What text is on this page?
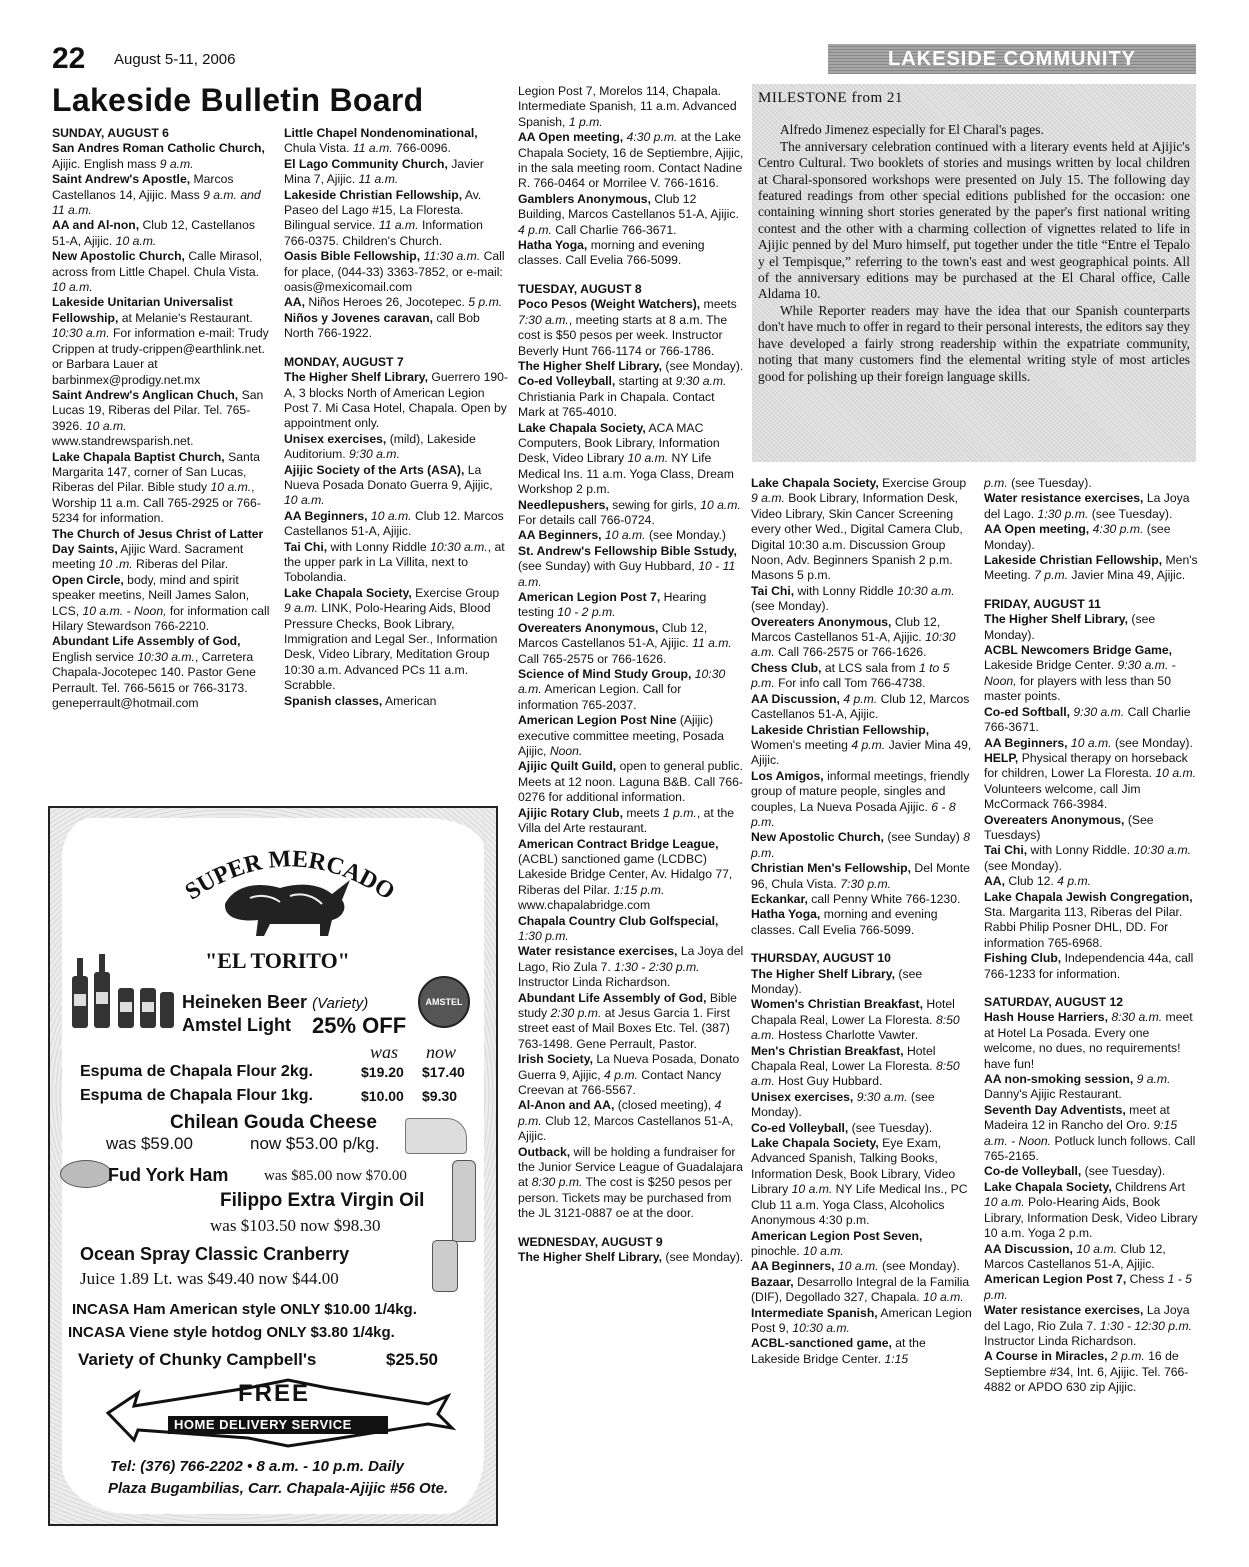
22 August 5-11, 2006	LAKESIDE COMMUNITY
Lakeside Bulletin Board

SUNDAY, AUGUST 6

San Andres Roman Catholic Church, Ajijic. English mass 9 a.m.

Saint Andrew's Apostle, Marcos Castellanos 14, Ajijic. Mass 9 a.m. and 11 a.m.

AA and Al-non, Club 12, Castellanos 51-A, Ajijic. 10 a.m.

New Apostolic Church, Calle Mirasol, across from Little Chapel. Chula Vista. 10 a.m.

Lakeside Unitarian Universalist Fellowship, at Melanie's Restaurant. 10:30 a.m. For information e-mail: Trudy Crippen at trudy-crippen@earthlink.net. or Barbara Lauer at barbinmex@prodigy.net.mx

Saint Andrew's Anglican Chuch, San Lucas 19, Riberas del Pilar. Tel. 765-3926. 10 a.m. www.standrewsparish.net.

Lake Chapala Baptist Church, Santa Margarita 147, corner of San Lucas, Riberas del Pilar. Bible study 10 a.m., Worship 11 a.m. Call 765-2925 or 766-5234 for information.

The Church of Jesus Christ of Latter Day Saints, Ajijic Ward. Sacrament meeting 10 .m. Riberas del Pilar.

Open Circle, body, mind and spirit speaker meetins, Neill James Salon, LCS, 10 a.m. - Noon, for information call Hilary Stewardson 766-2210.

Abundant Life Assembly of God, English service 10:30 a.m., Carretera Chapala-Jocotepec 140. Pastor Gene Perrault. Tel. 766-5615 or 766-3173. geneperrault@hotmail.com

Little Chapel Nondenominational, Chula Vista. 11 a.m. 766-0096.

El Lago Community Church, Javier Mina 7, Ajijic. 11 a.m.

Lakeside Christian Fellowship, Av. Paseo del Lago #15, La Floresta. Bilingual service. 11 a.m. Information 766-0375. Children's Church.

Oasis Bible Fellowship, 11:30 a.m. Call for place, (044-33) 3363-7852, or e-mail: oasis@mexicomail.com

AA, Niños Heroes 26, Jocotepec. 5 p.m.

Niños y Jovenes caravan, call Bob North 766-1922.

MONDAY, AUGUST 7

The Higher Shelf Library, Guerrero 190-A, 3 blocks North of American Legion Post 7. Mi Casa Hotel, Chapala. Open by appointment only.

Unisex exercises, (mild), Lakeside Auditorium. 9:30 a.m.

Ajijic Society of the Arts (ASA), La Nueva Posada Donato Guerra 9, Ajijic, 10 a.m.

AA Beginners, 10 a.m. Club 12. Marcos Castellanos 51-A, Ajijic.

Tai Chi, with Lonny Riddle 10:30 a.m., at the upper park in La Villita, next to Tobolandia.

Lake Chapala Society, Exercise Group 9 a.m. LINK, Polo-Hearing Aids, Blood Pressure Checks, Book Library, Immigration and Legal Ser., Information Desk, Video Library, Meditation Group 10:30 a.m. Advanced PCs 11 a.m. Scrabble.

Spanish classes, American

Legion Post 7, Morelos 114, Chapala. Intermediate Spanish, 11 a.m. Advanced Spanish, 1 p.m.

AA Open meeting, 4:30 p.m. at the Lake Chapala Society, 16 de Septiembre, Ajijic, in the sala meeting room. Contact Nadine R. 766-0464 or Morrilee V. 766-1616.

Gamblers Anonymous, Club 12 Building, Marcos Castellanos 51-A, Ajijic. 4 p.m. Call Charlie 766-3671.

Hatha Yoga, morning and evening classes. Call Evelia 766-5099.

TUESDAY, AUGUST 8

Poco Pesos (Weight Watchers), meets 7:30 a.m., meeting starts at 8 a.m. The cost is $50 pesos per week. Instructor Beverly Hunt 766-1174 or 766-1786.

The Higher Shelf Library, (see Monday).

Co-ed Volleyball, starting at 9:30 a.m. Christiania Park in Chapala. Contact Mark at 765-4010.

Lake Chapala Society, ACA MAC Computers, Book Library, Information Desk, Video Library 10 a.m. NY Life Medical Ins. 11 a.m. Yoga Class, Dream Workshop 2 p.m.

Needlepushers, sewing for girls, 10 a.m. For details call 766-0724.

AA Beginners, 10 a.m. (see Monday.)

St. Andrew's Fellowship Bible Sstudy, (see Sunday) with Guy Hubbard, 10 - 11 a.m.

American Legion Post 7, Hearing testing 10 - 2 p.m.

Overeaters Anonymous, Club 12, Marcos Castellanos 51-A, Ajijic. 11 a.m. Call 765-2575 or 766-1626.

Science of Mind Study Group, 10:30 a.m. American Legion. Call for information 765-2037.

American Legion Post Nine (Ajijic) executive committee meeting, Posada Ajijic, Noon.

Ajijic Quilt Guild, open to general public. Meets at 12 noon. Laguna B&B. Call 766-0276 for additional information.

Ajijic Rotary Club, meets 1 p.m., at the Villa del Arte restaurant.

American Contract Bridge League, (ACBL) sanctioned game (LCDBC) Lakeside Bridge Center, Av. Hidalgo 77, Riberas del Pilar. 1:15 p.m. www.chapalabridge.com

Chapala Country Club Golfspecial, 1:30 p.m.

Water resistance exercises, La Joya del Lago, Rio Zula 7. 1:30 - 2:30 p.m. Instructor Linda Richardson.

Abundant Life Assembly of God, Bible study 2:30 p.m. at Jesus Garcia 1. First street east of Mail Boxes Etc. Tel. (387) 763-1498. Gene Perrault, Pastor.

Irish Society, La Nueva Posada, Donato Guerra 9, Ajijic, 4 p.m. Contact Nancy Creevan at 766-5567.

Al-Anon and AA, (closed meeting), 4 p.m. Club 12, Marcos Castellanos 51-A, Ajijic.

Outback, will be holding a fundraiser for the Junior Service League of Guadalajara at 8:30 p.m. The cost is $250 pesos per person. Tickets may be purchased from the JL 3121-0887 oe at the door.

WEDNESDAY, AUGUST 9

The Higher Shelf Library, (see Monday).

MILESTONE from 21

Alfredo Jimenez especially for El Charal's pages.

The anniversary celebration continued with a literary events held at Ajijic's Centro Cultural. Two booklets of stories and musings written by local children at Charal-sponsored workshops were presented on July 15. The following day featured readings from other special editions published for the occasion: one containing winning short stories generated by the paper's first national writing contest and the other with a charming collection of vignettes related to life in Ajijic penned by del Muro himself, put together under the title “Entre el Tepalo y el Tempisque,” referring to the town's east and west geographical points. All of the anniversary editions may be purchased at the El Charal office, Calle Aldama 10.

While Reporter readers may have the idea that our Spanish counterparts don't have much to offer in regard to their personal interests, the editors say they have developed a fairly strong readership within the expatriate community, noting that many customers find the elemental writing style of most articles good for polishing up their foreign language skills.

Lake Chapala Society, Exercise Group 9 a.m. Book Library, Information Desk, Video Library, Skin Cancer Screening every other Wed., Digital Camera Club, Digital 10:30 a.m. Discussion Group Noon, Adv. Beginners Spanish 2 p.m. Masons 5 p.m.

Tai Chi, with Lonny Riddle 10:30 a.m. (see Monday).

Overeaters Anonymous, Club 12, Marcos Castellanos 51-A, Ajijic. 10:30 a.m. Call 766-2575 or 766-1626.

Chess Club, at LCS sala from 1 to 5 p.m. For info call Tom 766-4738.

AA Discussion, 4 p.m. Club 12, Marcos Castellanos 51-A, Ajijic.

Lakeside Christian Fellowship, Women's meeting 4 p.m. Javier Mina 49, Ajijic.

Los Amigos, informal meetings, friendly group of mature people, singles and couples, La Nueva Posada Ajijic. 6 - 8 p.m.

New Apostolic Church, (see Sunday) 8 p.m.

Christian Men's Fellowship, Del Monte 96, Chula Vista. 7:30 p.m.

Eckankar, call Penny White 766-1230.

Hatha Yoga, morning and evening classes. Call Evelia 766-5099.

THURSDAY, AUGUST 10

The Higher Shelf Library, (see Monday).

Women's Christian Breakfast, Hotel Chapala Real, Lower La Floresta. 8:50 a.m. Hostess Charlotte Vawter.

Men's Christian Breakfast, Hotel Chapala Real, Lower La Floresta. 8:50 a.m. Host Guy Hubbard.

Unisex exercises, 9:30 a.m. (see Monday).

Co-ed Volleyball, (see Tuesday).

Lake Chapala Society, Eye Exam, Advanced Spanish, Talking Books, Information Desk, Book Library, Video Library 10 a.m. NY Life Medical Ins., PC Club 11 a.m. Yoga Class, Alcoholics Anonymous 4:30 p.m.

American Legion Post Seven, pinochle. 10 a.m.

AA Beginners, 10 a.m. (see Monday).

Bazaar, Desarrollo Integral de la Familia (DIF), Degollado 327, Chapala. 10 a.m.

Intermediate Spanish, American Legion Post 9, 10:30 a.m.

ACBL-sanctioned game, at the Lakeside Bridge Center. 1:15

p.m. (see Tuesday).

Water resistance exercises, La Joya del Lago. 1:30 p.m. (see Tuesday).

AA Open meeting, 4:30 p.m. (see Monday).

Lakeside Christian Fellowship, Men's Meeting. 7 p.m. Javier Mina 49, Ajijic.

FRIDAY, AUGUST 11

The Higher Shelf Library, (see Monday).

ACBL Newcomers Bridge Game, Lakeside Bridge Center. 9:30 a.m. - Noon, for players with less than 50 master points.

Co-ed Softball, 9:30 a.m. Call Charlie 766-3671.

AA Beginners, 10 a.m. (see Monday).

HELP, Physical therapy on horseback for children, Lower La Floresta. 10 a.m. Volunteers welcome, call Jim McCormack 766-3984.

Overeaters Anonymous, (See Tuesdays)

Tai Chi, with Lonny Riddle. 10:30 a.m. (see Monday).

AA, Club 12. 4 p.m.

Lake Chapala Jewish Congregation, Sta. Margarita 113, Riberas del Pilar. Rabbi Philip Posner DHL, DD. For information 765-6968.

Fishing Club, Independencia 44a, call 766-1233 for information.

SATURDAY, AUGUST 12

Hash House Harriers, 8:30 a.m. meet at Hotel La Posada. Every one welcome, no dues, no requirements! have fun!

AA non-smoking session, 9 a.m. Danny's Ajijic Restaurant.

Seventh Day Adventists, meet at Madeira 12 in Rancho del Oro. 9:15 a.m. - Noon. Potluck lunch follows. Call 765-2165.

Co-de Volleyball, (see Tuesday).

Lake Chapala Society, Childrens Art 10 a.m. Polo-Hearing Aids, Book Library, Information Desk, Video Library 10 a.m. Yoga 2 p.m.

AA Discussion, 10 a.m. Club 12, Marcos Castellanos 51-A, Ajijic.

American Legion Post 7, Chess 1 - 5 p.m.

Water resistance exercises, La Joya del Lago, Rio Zula 7. 1:30 - 12:30 p.m. Instructor Linda Richardson.

A Course in Miracles, 2 p.m. 16 de Septiembre #34, Int. 6, Ajijic. Tel. 766-4882 or APDO 630 zip Ajijic.

SUPER MERCADO
"EL TORITO"
AMSTEL
Heineken Beer (Variety)
Amstel Light 25% OFF
was now
Espuma de Chapala Flour 2kg.	$19.20 $17.40
Espuma de Chapala Flour 1kg.	$10.00 $9.30
Chilean Gouda Cheese
was $59.00	now $53.00 p/kg.
Fud York Ham was $85.00 now $70.00
Filippo Extra Virgin Oil
was $103.50 now $98.30
Ocean Spray Classic Cranberry
Juice 1.89 Lt. was $49.40 now $44.00
INCASA Ham American style ONLY $10.00 1/4kg.
INCASA Viene style hotdog ONLY $3.80 1/4kg.
Variety of Chunky Campbell's	$25.50
FREE
HOME DELIVERY SERVICE
Tel: (376) 766-2202 • 8 a.m. - 10 p.m. Daily
Plaza Bugambilias, Carr. Chapala-Ajijic #56 Ote.
